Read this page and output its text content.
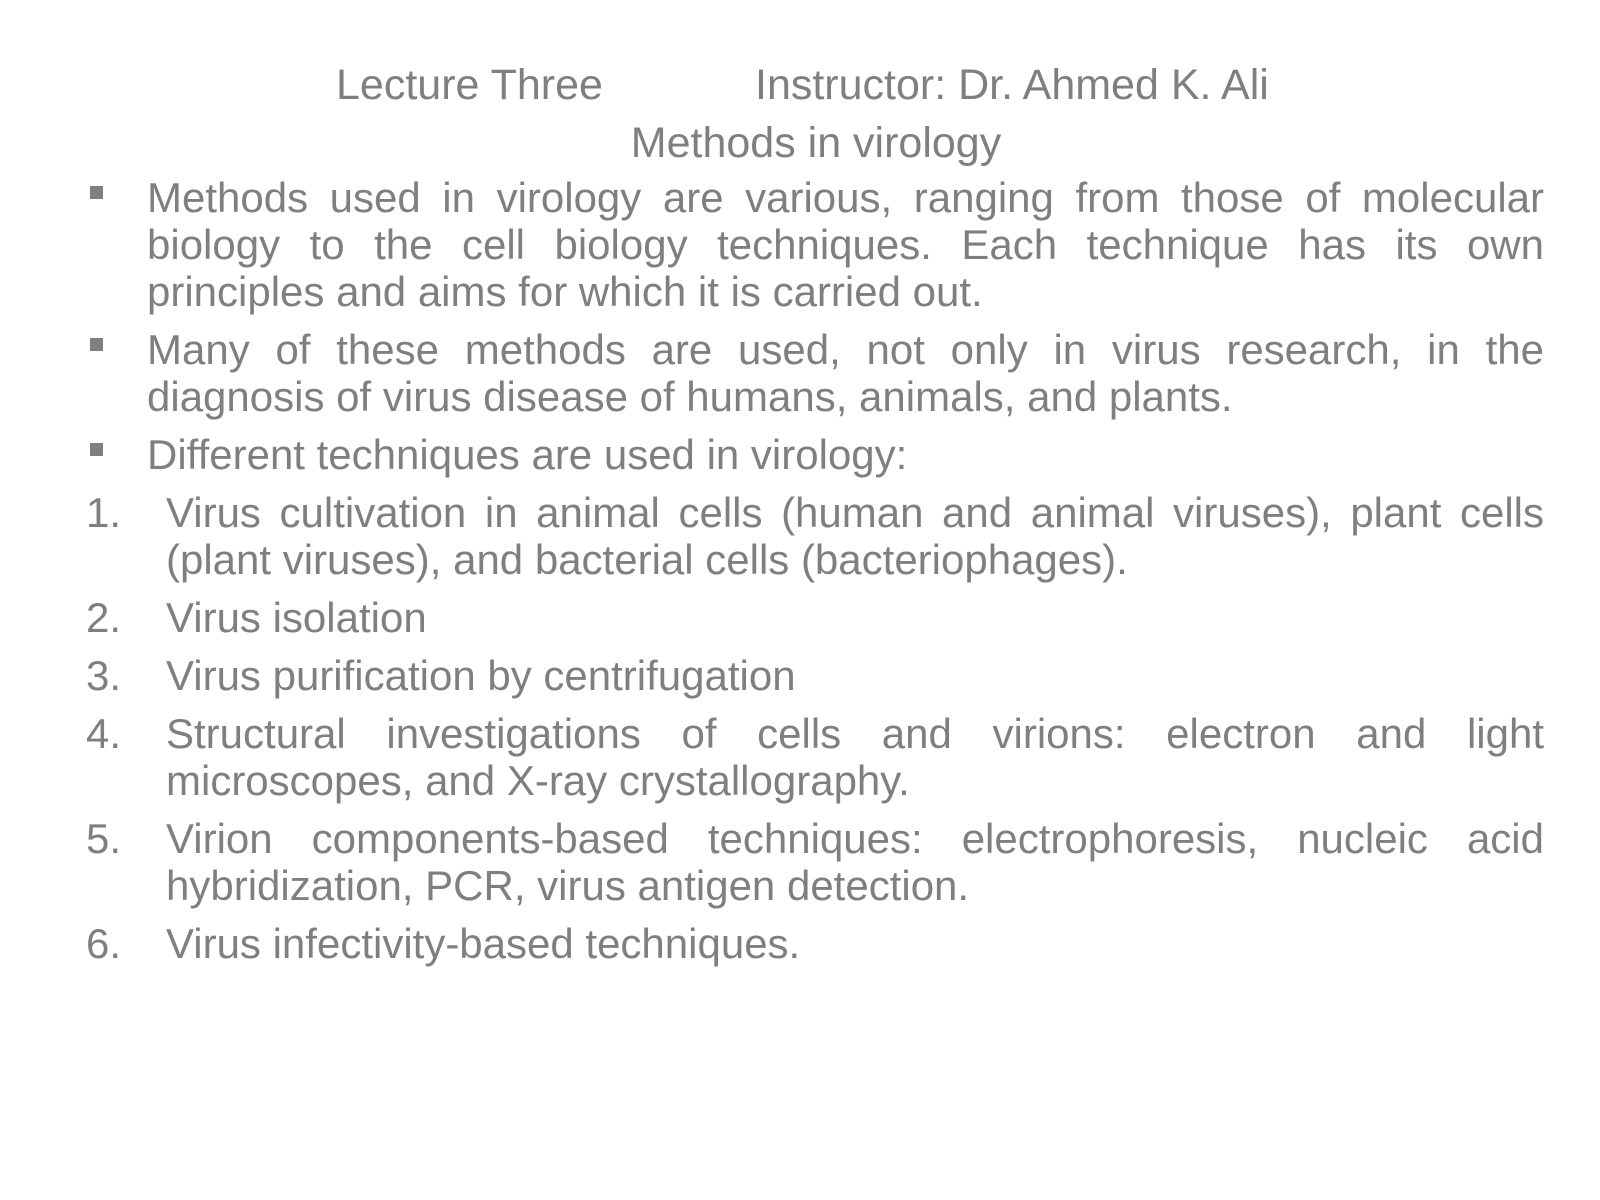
Lecture Three	Instructor: Dr. Ahmed K. Ali
Methods in virology

Methods used in virology are various, ranging from those of molecular biology to the cell biology techniques. Each technique has its own principles and aims for which it is carried out.

Many of these methods are used, not only in virus research, in the diagnosis of virus disease of humans, animals, and plants.

Different techniques are used in virology:

1. Virus cultivation in animal cells (human and animal viruses), plant cells (plant viruses), and bacterial cells (bacteriophages).

2. Virus isolation

3. Virus purification by centrifugation

4. Structural investigations of cells and virions: electron and light microscopes, and X-ray crystallography.

5. Virion components-based techniques: electrophoresis, nucleic acid hybridization, PCR, virus antigen detection.

6. Virus infectivity-based techniques.
